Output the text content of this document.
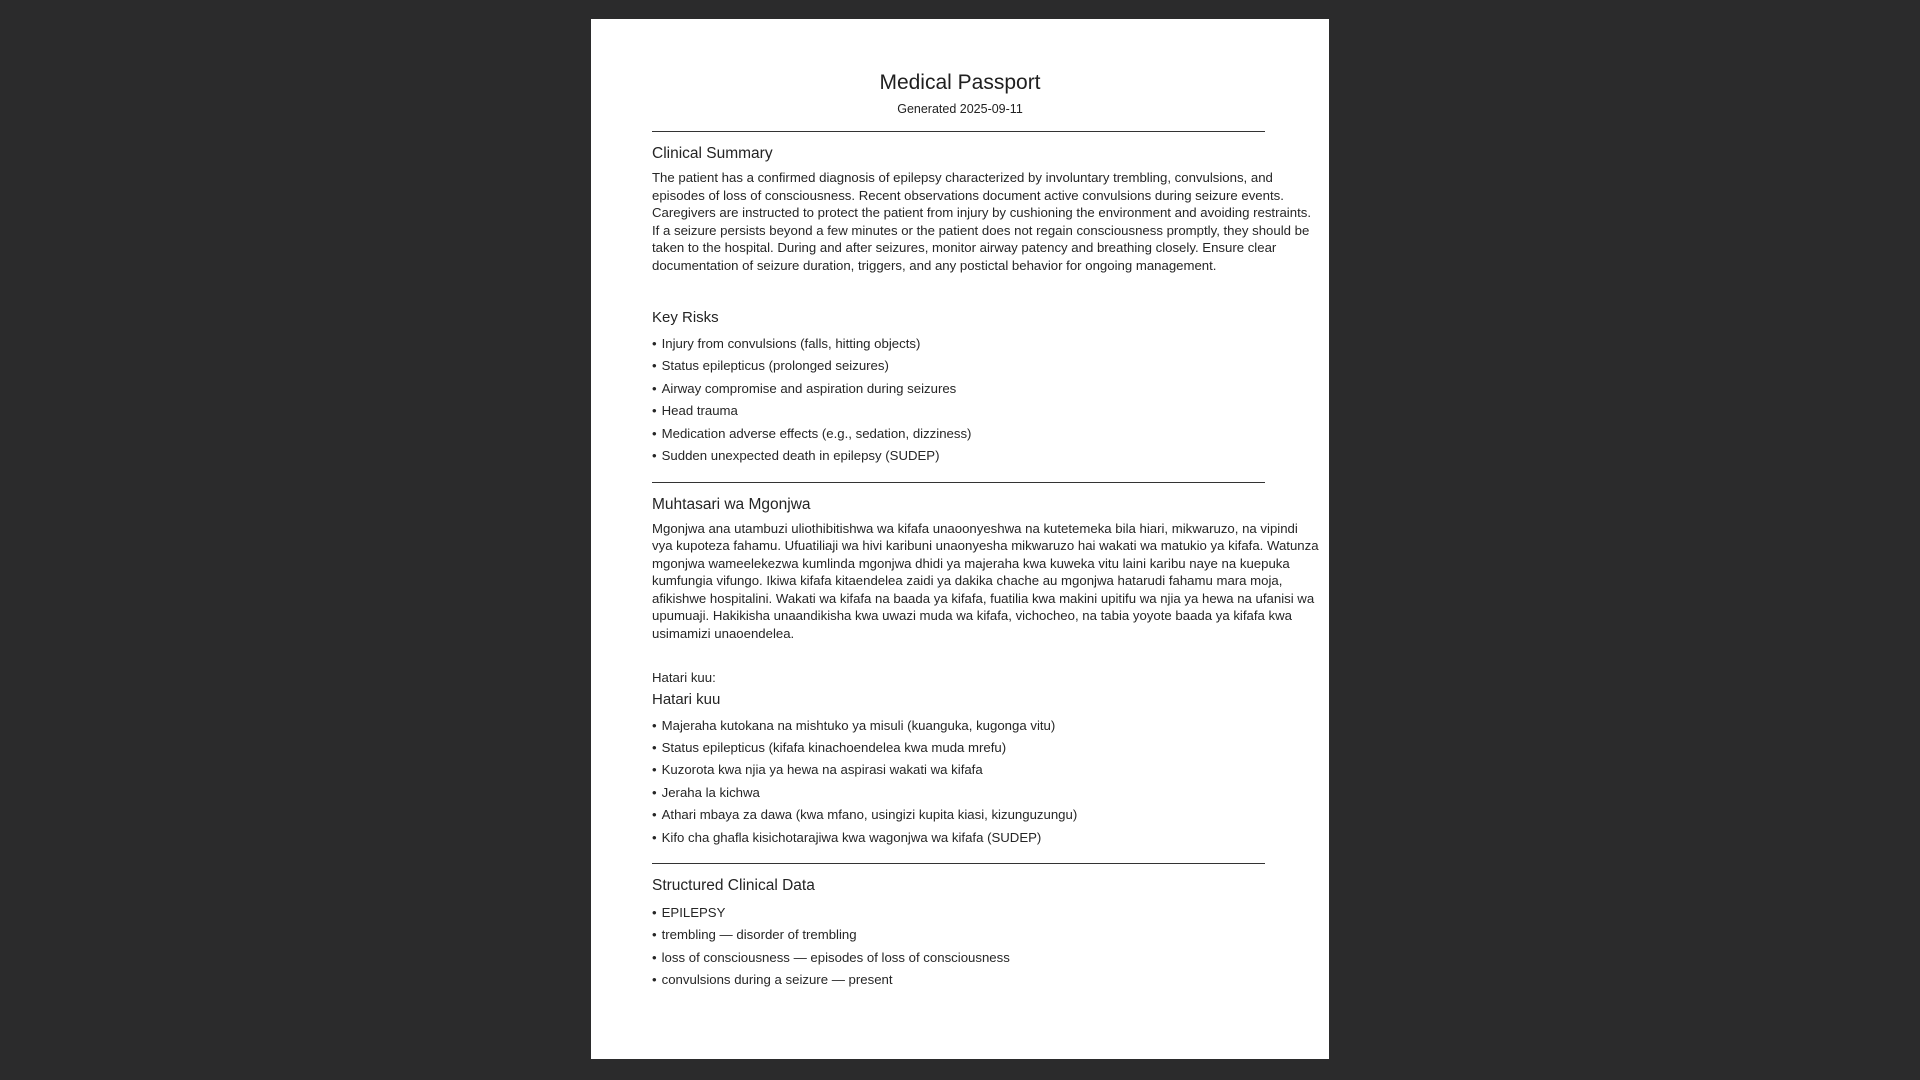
Medical Passport
Generated 2025-09-11
Clinical Summary

The patient has a confirmed diagnosis of epilepsy characterized by involuntary trembling, convulsions, and episodes of loss of consciousness. Recent observations document active convulsions during seizure events. Caregivers are instructed to protect the patient from injury by cushioning the environment and avoiding restraints. If a seizure persists beyond a few minutes or the patient does not regain consciousness promptly, they should be taken to the hospital. During and after seizures, monitor airway patency and breathing closely. Ensure clear documentation of seizure duration, triggers, and any postictal behavior for ongoing management.

Key Risks
• Injury from convulsions (falls, hitting objects)
• Status epilepticus (prolonged seizures)
• Airway compromise and aspiration during seizures
• Head trauma
• Medication adverse effects (e.g., sedation, dizziness)
• Sudden unexpected death in epilepsy (SUDEP)
Muhtasari wa Mgonjwa

Mgonjwa ana utambuzi uliothibitishwa wa kifafa unaoonyeshwa na kutetemeka bila hiari, mikwaruzo, na vipindi vya kupoteza fahamu. Ufuatiliaji wa hivi karibuni unaonyesha mikwaruzo hai wakati wa matukio ya kifafa. Watunza mgonjwa wameelekezwa kumlinda mgonjwa dhidi ya majeraha kwa kuweka vitu laini karibu naye na kuepuka kumfungia vifungo. Ikiwa kifafa kitaendelea zaidi ya dakika chache au mgonjwa hatarudi fahamu mara moja, afikishwe hospitalini. Wakati wa kifafa na baada ya kifafa, fuatilia kwa makini upitifu wa njia ya hewa na ufanisi wa upumuaji. Hakikisha unaandikisha kwa uwazi muda wa kifafa, vichocheo, na tabia yoyote baada ya kifafa kwa usimamizi unaoendelea.

Hatari kuu:
Hatari kuu
• Majeraha kutokana na mishtuko ya misuli (kuanguka, kugonga vitu)
• Status epilepticus (kifafa kinachoendelea kwa muda mrefu)
• Kuzorota kwa njia ya hewa na aspirasi wakati wa kifafa
• Jeraha la kichwa
• Athari mbaya za dawa (kwa mfano, usingizi kupita kiasi, kizunguzungu)
• Kifo cha ghafla kisichotarajiwa kwa wagonjwa wa kifafa (SUDEP)
Structured Clinical Data
• EPILEPSY
• trembling — disorder of trembling
• loss of consciousness — episodes of loss of consciousness
• convulsions during a seizure — present
